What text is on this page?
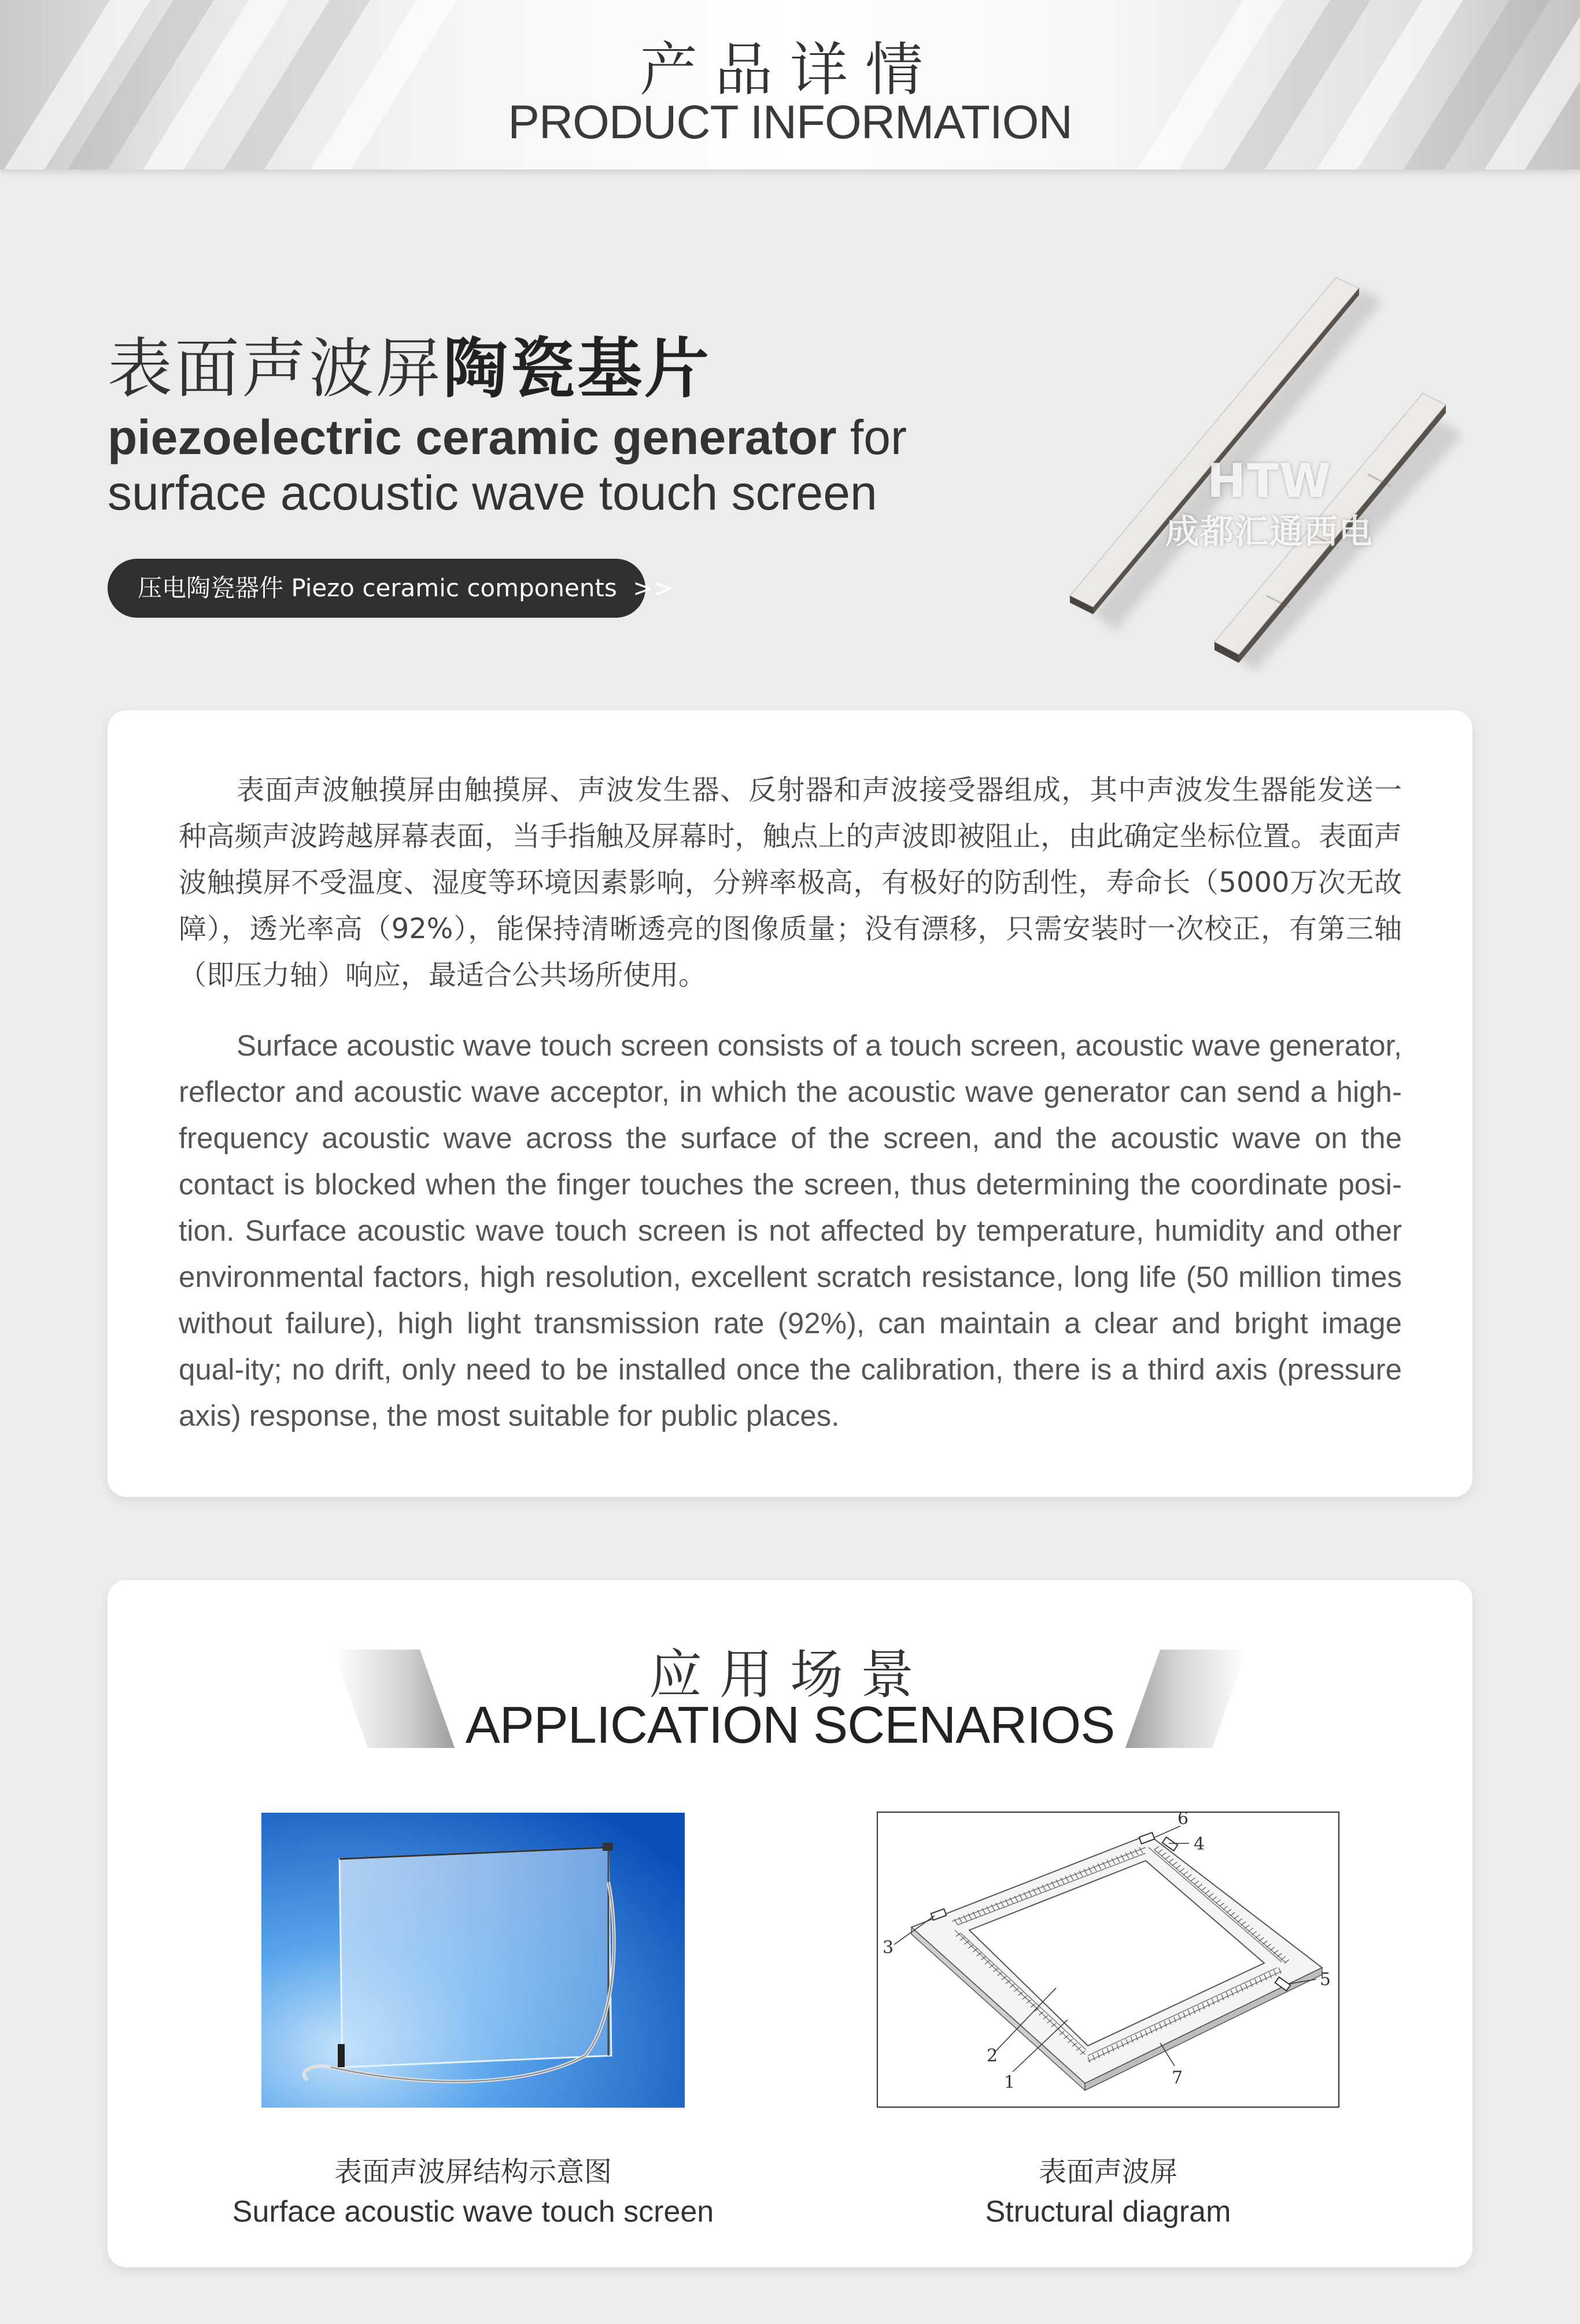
产品详情
PRODUCT INFORMATION
表面声波屏陶瓷基片
piezoelectric ceramic generator for surface acoustic wave touch screen
压电陶瓷器件 Piezo ceramic components >>
HTW
成都汇通西电

表面声波触摸屏由触摸屏、声波发生器、反射器和声波接受器组成，其中声波发生器能发送一种高频声波跨越屏幕表面，当手指触及屏幕时，触点上的声波即被阻止，由此确定坐标位置。表面声波触摸屏不受温度、湿度等环境因素影响，分辨率极高，有极好的防刮性，寿命长（5000万次无故障），透光率高（92%），能保持清晰透亮的图像质量；没有漂移，只需安装时一次校正，有第三轴（即压力轴）响应，最适合公共场所使用。

Surface acoustic wave touch screen consists of a touch screen, acoustic wave generator, reflector and acoustic wave acceptor, in which the acoustic wave generator can send a high-frequency acoustic wave across the surface of the screen, and the acoustic wave on the contact is blocked when the finger touches the screen, thus determining the coordinate posi-tion. Surface acoustic wave touch screen is not affected by temperature, humidity and other environmental factors, high resolution, excellent scratch resistance, long life (50 million times without failure), high light transmission rate (92%), can maintain a clear and bright image qual-ity; no drift, only need to be installed once the calibration, there is a third axis (pressure axis) response, the most suitable for public places.

应用场景
APPLICATION SCENARIOS
3
6
4
5
2
1	7
表面声波屏结构示意图
Surface acoustic wave touch screen
表面声波屏
Structural diagram
